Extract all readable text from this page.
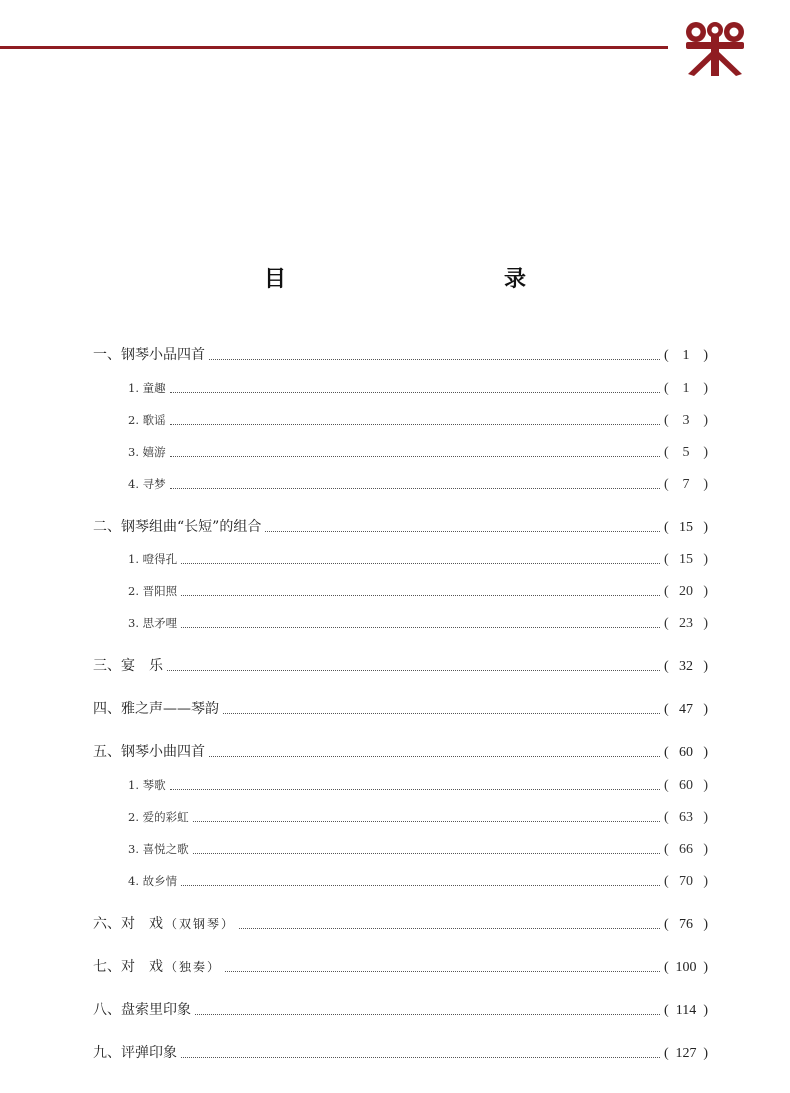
目　　录
一、钢琴小品四首	( 1 )
1. 童趣	( 1 )
2. 歌谣	( 3 )
3. 嬉游	( 5 )
4. 寻梦	( 7 )
二、钢琴组曲“长短”的组合	( 15 )
1. 噔得孔	( 15 )
2. 晋阳照	( 20 )
3. 思矛哩	( 23 )
三、宴　乐	( 32 )
四、雅之声——琴韵	( 47 )
五、钢琴小曲四首	( 60 )
1. 琴歌	( 60 )
2. 爱的彩虹	( 63 )
3. 喜悦之歌	( 66 )
4. 故乡情	( 70 )
六、对　戏 （双钢琴）	( 76 )
七、对　戏 （独奏）	( 100 )
八、盘索里印象	( 114 )
九、评弹印象	( 127 )
